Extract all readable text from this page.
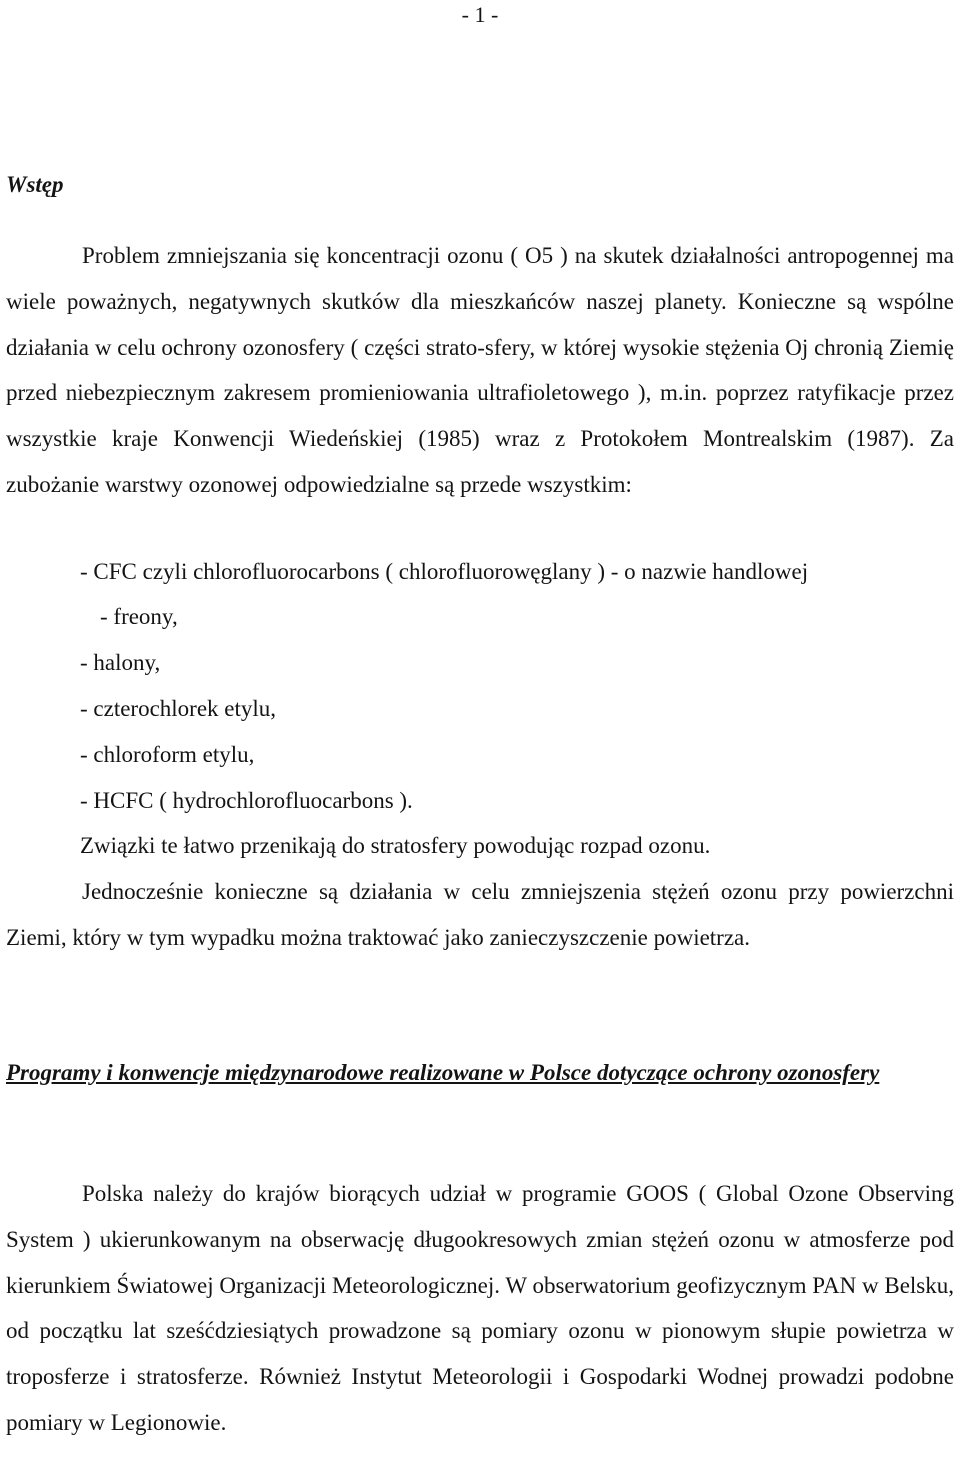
- 1 -
Wstęp

Problem zmniejszania się koncentracji ozonu ( O5 ) na skutek działalności antropogennej ma wiele poważnych, negatywnych skutków dla mieszkańców naszej planety. Konieczne są wspólne działania w celu ochrony ozonosfery ( części strato-sfery, w której wysokie stężenia Oj chronią Ziemię przed niebezpiecznym zakresem promieniowania ultrafioletowego ), m.in. poprzez ratyfikacje przez wszystkie kraje Konwencji Wiedeńskiej (1985) wraz z Protokołem Montrealskim (1987). Za zubożanie warstwy ozonowej odpowiedzialne są przede wszystkim:

- CFC czyli chlorofluorocarbons ( chlorofluorowęglany ) - o nazwie handlowej
- freony,
- halony,
- czterochlorek etylu,
- chloroform etylu,
- HCFC ( hydrochlorofluocarbons ).
Związki te łatwo przenikają do stratosfery powodując rozpad ozonu.

Jednocześnie konieczne są działania w celu zmniejszenia stężeń ozonu przy powierzchni Ziemi, który w tym wypadku można traktować jako zanieczyszczenie powietrza.

Programy i konwencje międzynarodowe realizowane w Polsce dotyczące ochrony ozonosfery

Polska należy do krajów biorących udział w programie GOOS ( Global Ozone Observing System ) ukierunkowanym na obserwację długookresowych zmian stężeń ozonu w atmosferze pod kierunkiem Światowej Organizacji Meteorologicznej. W obserwatorium geofizycznym PAN w Belsku, od początku lat sześćdziesiątych prowadzone są pomiary ozonu w pionowym słupie powietrza w troposferze i stratosferze. Również Instytut Meteorologii i Gospodarki Wodnej prowadzi podobne pomiary w Legionowie.
